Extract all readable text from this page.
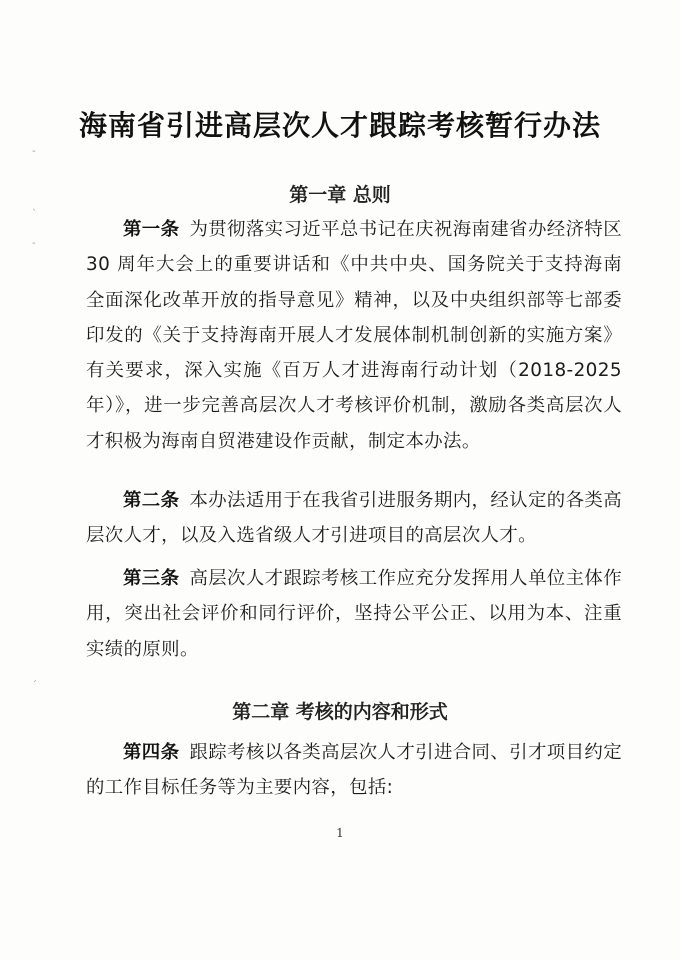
-
ˎ
-
ˊ
海南省引进高层次人才跟踪考核暂行办法
第一章 总则

第一条 为贯彻落实习近平总书记在庆祝海南建省办经济特区 30 周年大会上的重要讲话和《中共中央、国务院关于支持海南全面深化改革开放的指导意见》精神，以及中央组织部等七部委印发的《关于支持海南开展人才发展体制机制创新的实施方案》有关要求，深入实施《百万人才进海南行动计划（2018-2025 年）》，进一步完善高层次人才考核评价机制，激励各类高层次人才积极为海南自贸港建设作贡献，制定本办法。

第二条 本办法适用于在我省引进服务期内，经认定的各类高层次人才，以及入选省级人才引进项目的高层次人才。

第三条 高层次人才跟踪考核工作应充分发挥用人单位主体作用，突出社会评价和同行评价，坚持公平公正、以用为本、注重实绩的原则。

第二章 考核的内容和形式

第四条 跟踪考核以各类高层次人才引进合同、引才项目约定的工作目标任务等为主要内容，包括:

1
